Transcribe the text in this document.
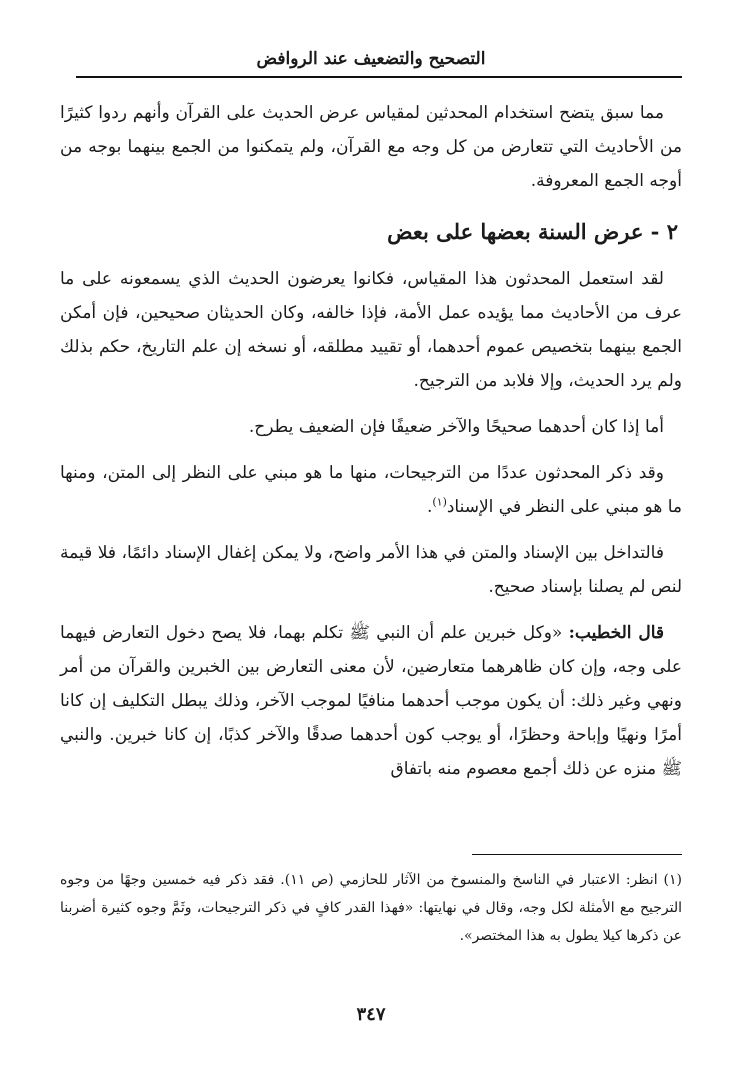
التصحيح والتضعيف عند الروافض

مما سبق يتضح استخدام المحدثين لمقياس عرض الحديث على القرآن وأنهم ردوا كثيرًا من الأحاديث التي تتعارض من كل وجه مع القرآن، ولم يتمكنوا من الجمع بينهما بوجه من أوجه الجمع المعروفة.

٢ - عرض السنة بعضها على بعض

لقد استعمل المحدثون هذا المقياس، فكانوا يعرضون الحديث الذي يسمعونه على ما عرف من الأحاديث مما يؤيده عمل الأمة، فإذا خالفه، وكان الحديثان صحيحين، فإن أمكن الجمع بينهما بتخصيص عموم أحدهما، أو تقييد مطلقه، أو نسخه إن علم التاريخ، حكم بذلك ولم يرد الحديث، وإلا فلابد من الترجيح.

أما إذا كان أحدهما صحيحًا والآخر ضعيفًا فإن الضعيف يطرح.

وقد ذكر المحدثون عددًا من الترجيحات، منها ما هو مبني على النظر إلى المتن، ومنها ما هو مبني على النظر في الإسناد$^{(١)}$.

فالتداخل بين الإسناد والمتن في هذا الأمر واضح، ولا يمكن إغفال الإسناد دائمًا، فلا قيمة لنص لم يصلنا بإسناد صحيح.

قال الخطيب: «وكل خبرين علم أن النبي ﷺ تكلم بهما، فلا يصح دخول التعارض فيهما على وجه، وإن كان ظاهرهما متعارضين، لأن معنى التعارض بين الخبرين والقرآن من أمر ونهي وغير ذلك: أن يكون موجب أحدهما منافيًا لموجب الآخر، وذلك يبطل التكليف إن كانا أمرًا ونهيًا وإباحة وحظرًا، أو يوجب كون أحدهما صدقًا والآخر كذبًا، إن كانا خبرين. والنبي ﷺ منزه عن ذلك أجمع معصوم منه باتفاق

(١) انظر: الاعتبار في الناسخ والمنسوخ من الآثار للحازمي (ص ١١). فقد ذكر فيه خمسين وجهًا من وجوه الترجيح مع الأمثلة لكل وجه، وقال في نهايتها: «فهذا القدر كافٍ في ذكر الترجيحات، وثَمَّ وجوه كثيرة أضربنا عن ذكرها كيلا يطول به هذا المختصر».

٣٤٧
